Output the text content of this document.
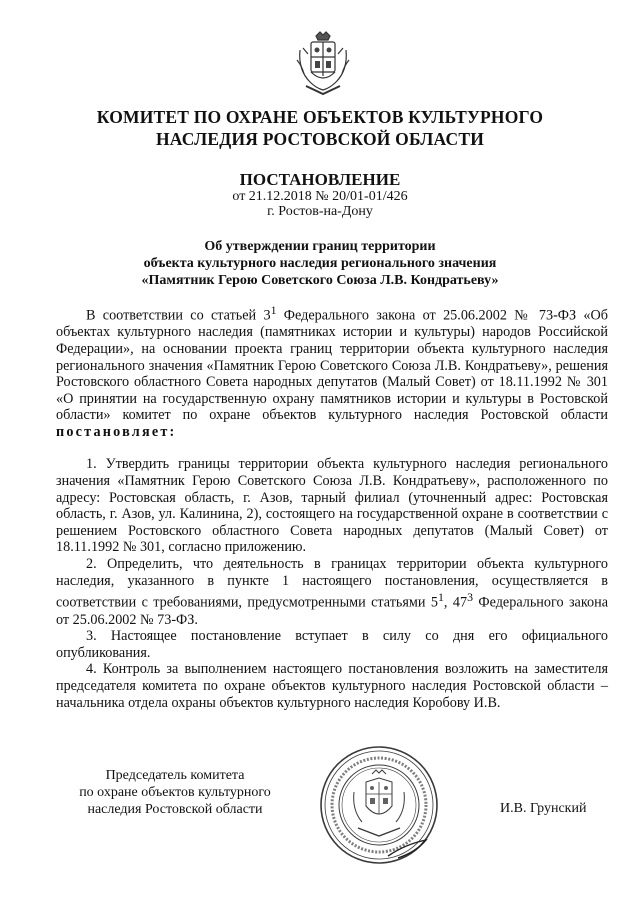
КОМИТЕТ ПО ОХРАНЕ ОБЪЕКТОВ КУЛЬТУРНОГО
НАСЛЕДИЯ РОСТОВСКОЙ ОБЛАСТИ
ПОСТАНОВЛЕНИЕ
от 21.12.2018 № 20/01-01/426
г. Ростов-на-Дону
Об утверждении границ территории
объекта культурного наследия регионального значения
«Памятник Герою Советского Союза Л.В. Кондратьеву»

В соответствии со статьей $3^1$ Федерального закона от 25.06.2002 № 73-ФЗ «Об объектах культурного наследия (памятниках истории и культуры) народов Российской Федерации», на основании проекта границ территории объекта культурного наследия регионального значения «Памятник Герою Советского Союза Л.В. Кондратьеву», решения Ростовского областного Совета народных депутатов (Малый Совет) от 18.11.1992 № 301 «О принятии на государственную охрану памятников истории и культуры в Ростовской области» комитет по охране объектов культурного наследия Ростовской области постановляет:

1. Утвердить границы территории объекта культурного наследия регионального значения «Памятник Герою Советского Союза Л.В. Кондратьеву», расположенного по адресу: Ростовская область, г. Азов, тарный филиал (уточненный адрес: Ростовская область, г. Азов, ул. Калинина, 2), состоящего на государственной охране в соответствии с решением Ростовского областного Совета народных депутатов (Малый Совет) от 18.11.1992 № 301, согласно приложению.

2. Определить, что деятельность в границах территории объекта культурного наследия, указанного в пункте 1 настоящего постановления, осуществляется в соответствии с требованиями, предусмотренными статьями $5^1$, $47^3$ Федерального закона от 25.06.2002 № 73-ФЗ.

3. Настоящее постановление вступает в силу со дня его официального опубликования.

4. Контроль за выполнением настоящего постановления возложить на заместителя председателя комитета по охране объектов культурного наследия Ростовской области – начальника отдела охраны объектов культурного наследия Коробову И.В.

Председатель комитета
по охране объектов культурного
наследия Ростовской области	И.В. Грунский
